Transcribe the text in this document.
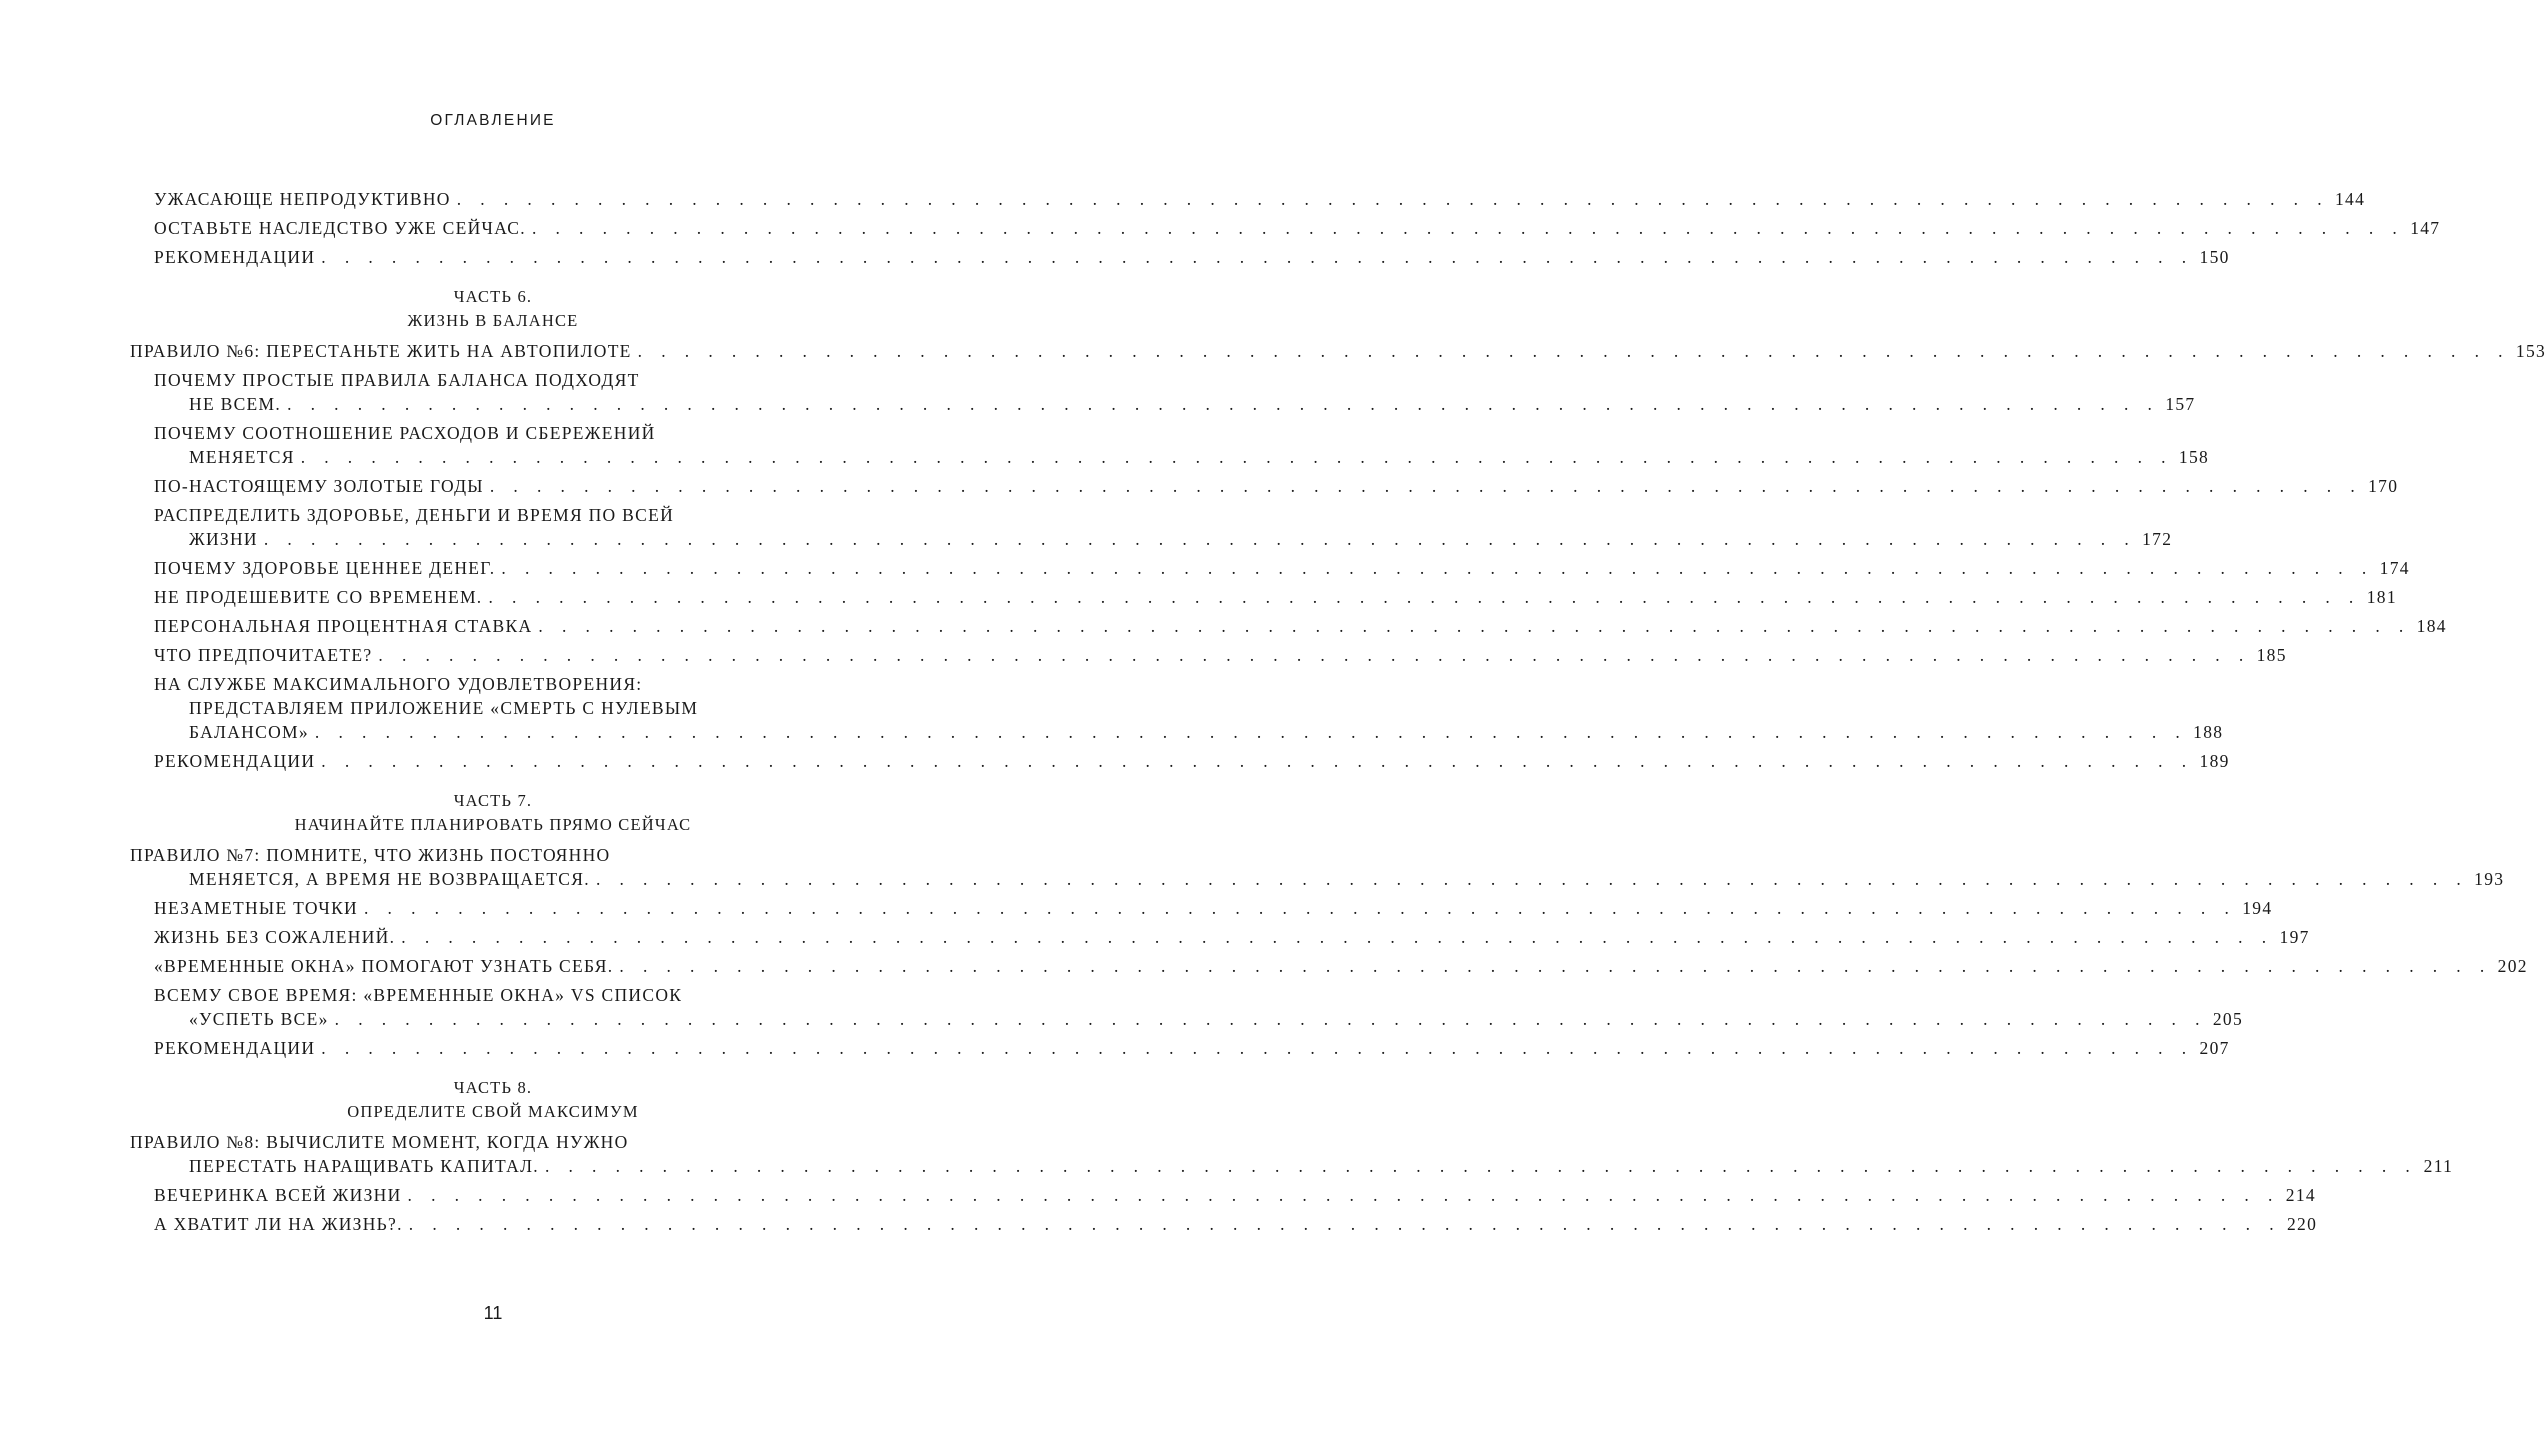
ОГЛАВЛЕНИЕ
УЖАСАЮЩЕ НЕПРОДУКТИВНО . . . . . . . . . . . . . . . . . . . . . . . . . . . . . . . . . . . . . . . . . . . . . . . . . . . . . . . . . . . . . . . . . . . . . . . . . . . . . . . . 144
ОСТАВЬТЕ НАСЛЕДСТВО УЖЕ СЕЙЧАС. . . . . . . . . . . . . . . . . . . . . . . . . . . . . . . . . . . . . . . . . . . . . . . . . . . . . . . . . . . . . . . . . . . . . . . . . . . . . . . . . 147
РЕКОМЕНДАЦИИ . . . . . . . . . . . . . . . . . . . . . . . . . . . . . . . . . . . . . . . . . . . . . . . . . . . . . . . . . . . . . . . . . . . . . . . . . . . . . . . . 150
ЧАСТЬ 6.
ЖИЗНЬ В БАЛАНСЕ
ПРАВИЛО №6: ПЕРЕСТАНЬТЕ ЖИТЬ НА АВТОПИЛОТЕ . . . . . . . . . . . . . . . . . . . . . . . . . . . . . . . . . . . . . . . . . . . . . . . . . . . . . . . . . . . . . . . . . . . . . . . . . . . . . . . . 153
ПОЧЕМУ ПРОСТЫЕ ПРАВИЛА БАЛАНСА ПОДХОДЯТ
НЕ ВСЕМ. . . . . . . . . . . . . . . . . . . . . . . . . . . . . . . . . . . . . . . . . . . . . . . . . . . . . . . . . . . . . . . . . . . . . . . . . . . . . . . . . 157
ПОЧЕМУ СООТНОШЕНИЕ РАСХОДОВ И СБЕРЕЖЕНИЙ
МЕНЯЕТСЯ . . . . . . . . . . . . . . . . . . . . . . . . . . . . . . . . . . . . . . . . . . . . . . . . . . . . . . . . . . . . . . . . . . . . . . . . . . . . . . . . 158
ПО-НАСТОЯЩЕМУ ЗОЛОТЫЕ ГОДЫ . . . . . . . . . . . . . . . . . . . . . . . . . . . . . . . . . . . . . . . . . . . . . . . . . . . . . . . . . . . . . . . . . . . . . . . . . . . . . . . . 170
РАСПРЕДЕЛИТЬ ЗДОРОВЬЕ, ДЕНЬГИ И ВРЕМЯ ПО ВСЕЙ
ЖИЗНИ . . . . . . . . . . . . . . . . . . . . . . . . . . . . . . . . . . . . . . . . . . . . . . . . . . . . . . . . . . . . . . . . . . . . . . . . . . . . . . . . 172
ПОЧЕМУ ЗДОРОВЬЕ ЦЕННЕЕ ДЕНЕГ. . . . . . . . . . . . . . . . . . . . . . . . . . . . . . . . . . . . . . . . . . . . . . . . . . . . . . . . . . . . . . . . . . . . . . . . . . . . . . . . . 174
НЕ ПРОДЕШЕВИТЕ СО ВРЕМЕНЕМ. . . . . . . . . . . . . . . . . . . . . . . . . . . . . . . . . . . . . . . . . . . . . . . . . . . . . . . . . . . . . . . . . . . . . . . . . . . . . . . . . 181
ПЕРСОНАЛЬНАЯ ПРОЦЕНТНАЯ СТАВКА . . . . . . . . . . . . . . . . . . . . . . . . . . . . . . . . . . . . . . . . . . . . . . . . . . . . . . . . . . . . . . . . . . . . . . . . . . . . . . . . 184
ЧТО ПРЕДПОЧИТАЕТЕ? . . . . . . . . . . . . . . . . . . . . . . . . . . . . . . . . . . . . . . . . . . . . . . . . . . . . . . . . . . . . . . . . . . . . . . . . . . . . . . . . 185
НА СЛУЖБЕ МАКСИМАЛЬНОГО УДОВЛЕТВОРЕНИЯ:
ПРЕДСТАВЛЯЕМ ПРИЛОЖЕНИЕ «СМЕРТЬ С НУЛЕВЫМ
БАЛАНСОМ» . . . . . . . . . . . . . . . . . . . . . . . . . . . . . . . . . . . . . . . . . . . . . . . . . . . . . . . . . . . . . . . . . . . . . . . . . . . . . . . . 188
РЕКОМЕНДАЦИИ . . . . . . . . . . . . . . . . . . . . . . . . . . . . . . . . . . . . . . . . . . . . . . . . . . . . . . . . . . . . . . . . . . . . . . . . . . . . . . . . 189
ЧАСТЬ 7.
НАЧИНАЙТЕ ПЛАНИРОВАТЬ ПРЯМО СЕЙЧАС
ПРАВИЛО №7: ПОМНИТЕ, ЧТО ЖИЗНЬ ПОСТОЯННО
МЕНЯЕТСЯ, А ВРЕМЯ НЕ ВОЗВРАЩАЕТСЯ. . . . . . . . . . . . . . . . . . . . . . . . . . . . . . . . . . . . . . . . . . . . . . . . . . . . . . . . . . . . . . . . . . . . . . . . . . . . . . . . . 193
НЕЗАМЕТНЫЕ ТОЧКИ . . . . . . . . . . . . . . . . . . . . . . . . . . . . . . . . . . . . . . . . . . . . . . . . . . . . . . . . . . . . . . . . . . . . . . . . . . . . . . . . 194
ЖИЗНЬ БЕЗ СОЖАЛЕНИЙ. . . . . . . . . . . . . . . . . . . . . . . . . . . . . . . . . . . . . . . . . . . . . . . . . . . . . . . . . . . . . . . . . . . . . . . . . . . . . . . . . 197
«ВРЕМЕННЫЕ ОКНА» ПОМОГАЮТ УЗНАТЬ СЕБЯ. . . . . . . . . . . . . . . . . . . . . . . . . . . . . . . . . . . . . . . . . . . . . . . . . . . . . . . . . . . . . . . . . . . . . . . . . . . . . . . . . 202
ВСЕМУ СВОЕ ВРЕМЯ: «ВРЕМЕННЫЕ ОКНА» VS СПИСОК
«УСПЕТЬ ВСЕ» . . . . . . . . . . . . . . . . . . . . . . . . . . . . . . . . . . . . . . . . . . . . . . . . . . . . . . . . . . . . . . . . . . . . . . . . . . . . . . . . 205
РЕКОМЕНДАЦИИ . . . . . . . . . . . . . . . . . . . . . . . . . . . . . . . . . . . . . . . . . . . . . . . . . . . . . . . . . . . . . . . . . . . . . . . . . . . . . . . . 207
ЧАСТЬ 8.
ОПРЕДЕЛИТЕ СВОЙ МАКСИМУМ
ПРАВИЛО №8: ВЫЧИСЛИТЕ МОМЕНТ, КОГДА НУЖНО
ПЕРЕСТАТЬ НАРАЩИВАТЬ КАПИТАЛ. . . . . . . . . . . . . . . . . . . . . . . . . . . . . . . . . . . . . . . . . . . . . . . . . . . . . . . . . . . . . . . . . . . . . . . . . . . . . . . . . 211
ВЕЧЕРИНКА ВСЕЙ ЖИЗНИ . . . . . . . . . . . . . . . . . . . . . . . . . . . . . . . . . . . . . . . . . . . . . . . . . . . . . . . . . . . . . . . . . . . . . . . . . . . . . . . . 214
А ХВАТИТ ЛИ НА ЖИЗНЬ?. . . . . . . . . . . . . . . . . . . . . . . . . . . . . . . . . . . . . . . . . . . . . . . . . . . . . . . . . . . . . . . . . . . . . . . . . . . . . . . . . 220
11
